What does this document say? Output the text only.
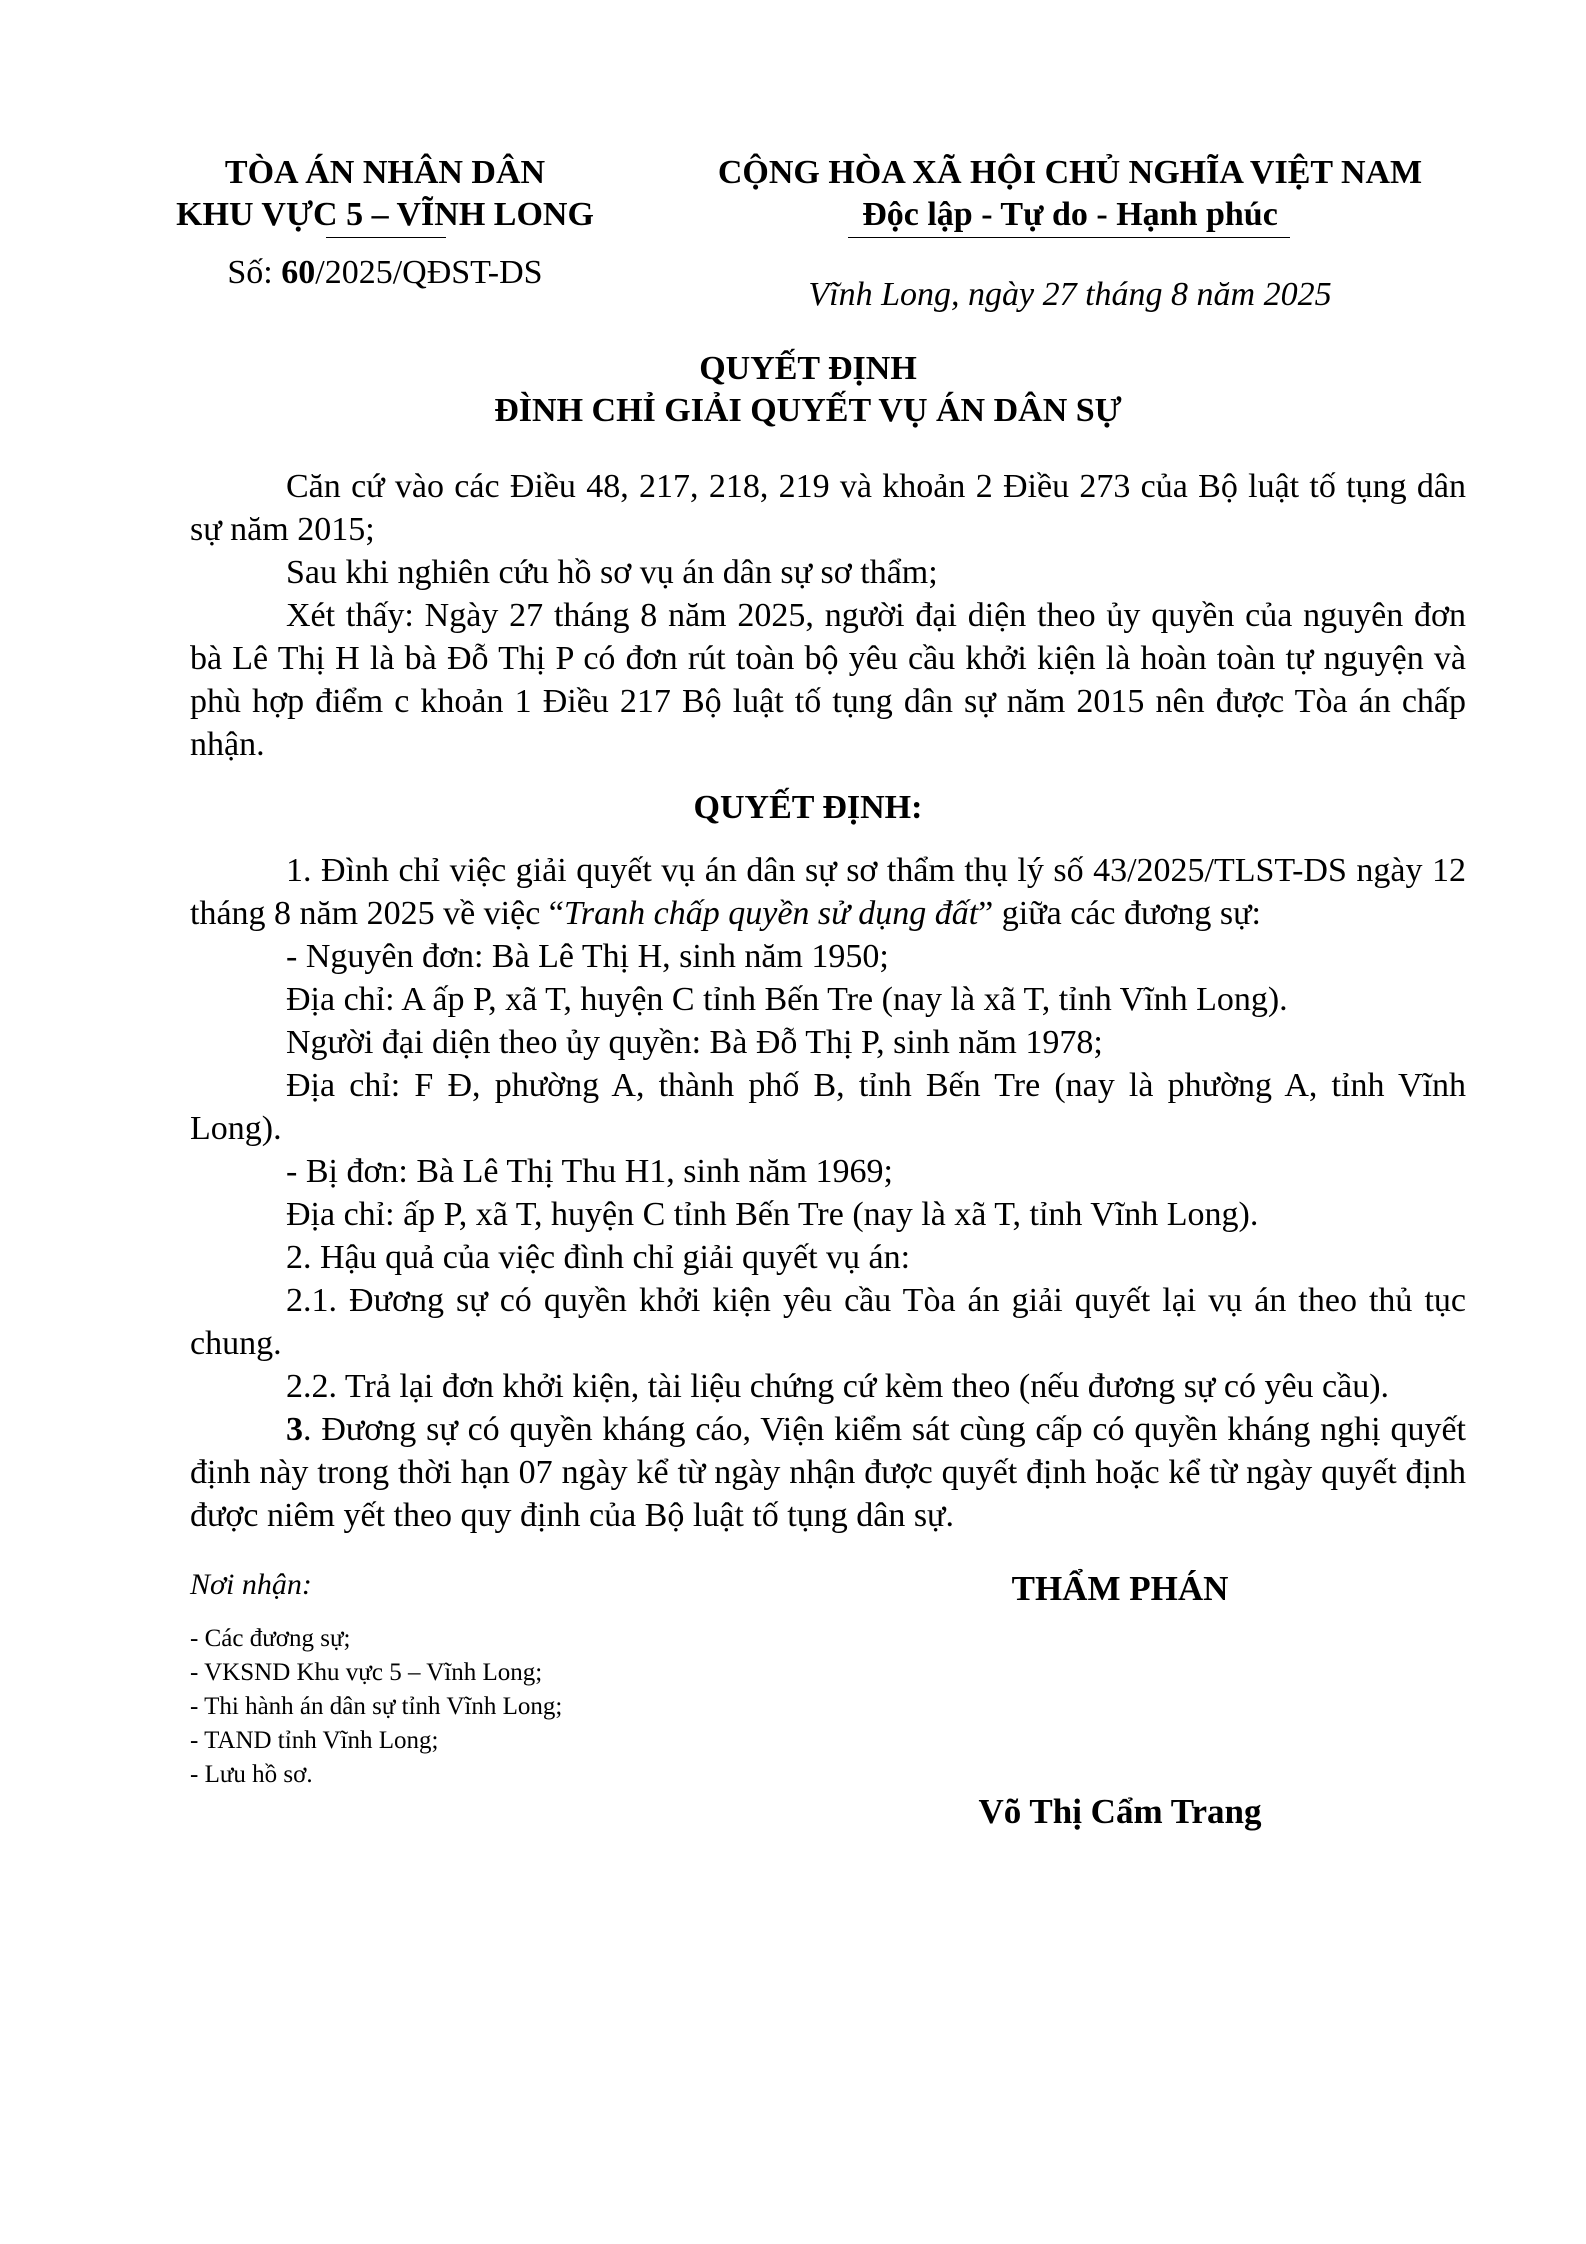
TÒA ÁN NHÂN DÂN
KHU VỰC 5 – VĨNH LONG
Số: 60/2025/QĐST-DS
CỘNG HÒA XÃ HỘI CHỦ NGHĨA VIỆT NAM
Độc lập - Tự do - Hạnh phúc
Vĩnh Long, ngày 27 tháng 8 năm 2025
QUYẾT ĐỊNH
ĐÌNH CHỈ GIẢI QUYẾT VỤ ÁN DÂN SỰ

Căn cứ vào các Điều 48, 217, 218, 219 và khoản 2 Điều 273 của Bộ luật tố tụng dân sự năm 2015;

Sau khi nghiên cứu hồ sơ vụ án dân sự sơ thẩm;

Xét thấy: Ngày 27 tháng 8 năm 2025, người đại diện theo ủy quyền của nguyên đơn bà Lê Thị H là bà Đỗ Thị P có đơn rút toàn bộ yêu cầu khởi kiện là hoàn toàn tự nguyện và phù hợp điểm c khoản 1 Điều 217 Bộ luật tố tụng dân sự năm 2015 nên được Tòa án chấp nhận.

QUYẾT ĐỊNH:

1. Đình chỉ việc giải quyết vụ án dân sự sơ thẩm thụ lý số 43/2025/TLST-DS ngày 12 tháng 8 năm 2025 về việc “Tranh chấp quyền sử dụng đất” giữa các đương sự:

- Nguyên đơn: Bà Lê Thị H, sinh năm 1950;

Địa chỉ: A ấp P, xã T, huyện C tỉnh Bến Tre (nay là xã T, tỉnh Vĩnh Long).

Người đại diện theo ủy quyền: Bà Đỗ Thị P, sinh năm 1978;

Địa chỉ: F Đ, phường A, thành phố B, tỉnh Bến Tre (nay là phường A, tỉnh Vĩnh Long).

- Bị đơn: Bà Lê Thị Thu H1, sinh năm 1969;

Địa chỉ: ấp P, xã T, huyện C tỉnh Bến Tre (nay là xã T, tỉnh Vĩnh Long).

2. Hậu quả của việc đình chỉ giải quyết vụ án:

2.1. Đương sự có quyền khởi kiện yêu cầu Tòa án giải quyết lại vụ án theo thủ tục chung.

2.2. Trả lại đơn khởi kiện, tài liệu chứng cứ kèm theo (nếu đương sự có yêu cầu).

3. Đương sự có quyền kháng cáo, Viện kiểm sát cùng cấp có quyền kháng nghị quyết định này trong thời hạn 07 ngày kể từ ngày nhận được quyết định hoặc kể từ ngày quyết định được niêm yết theo quy định của Bộ luật tố tụng dân sự.

Nơi nhận:
- Các đương sự;
- VKSND Khu vực 5 – Vĩnh Long;
- Thi hành án dân sự tỉnh Vĩnh Long;
- TAND tỉnh Vĩnh Long;
- Lưu hồ sơ.
THẨM PHÁN
Võ Thị Cẩm Trang
